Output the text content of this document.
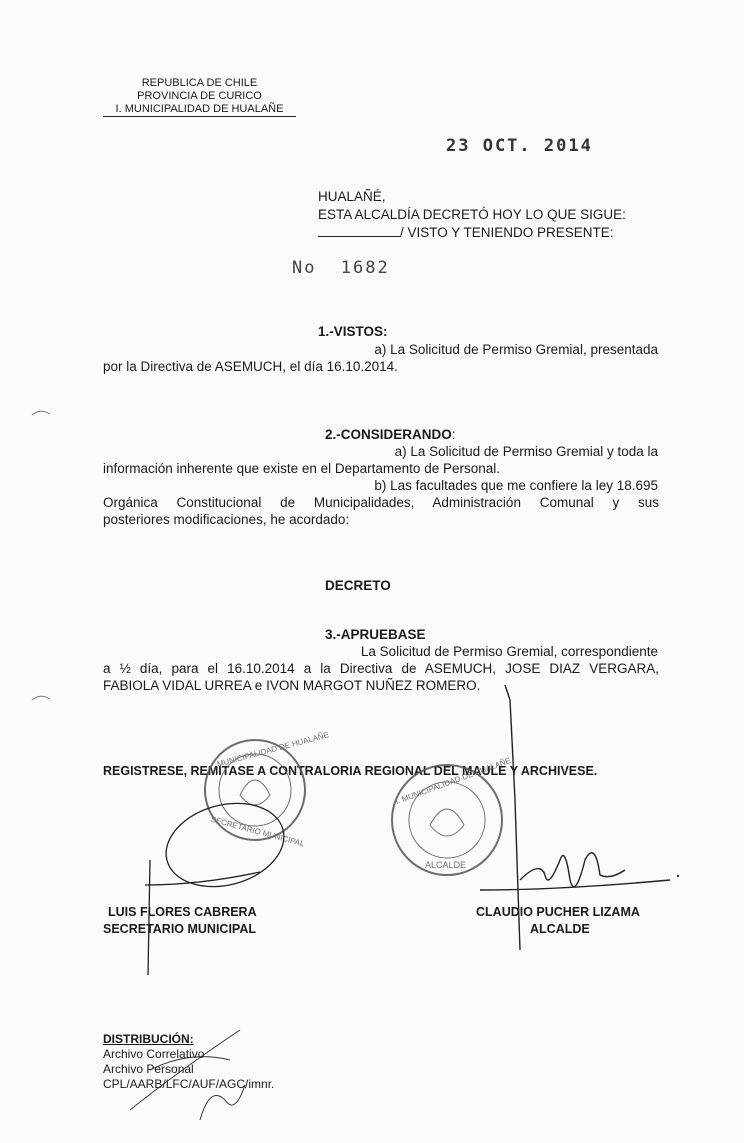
REPUBLICA DE CHILE
PROVINCIA DE CURICO
I. MUNICIPALIDAD DE HUALAÑE
23 OCT. 2014
HUALAÑÉ,
ESTA ALCALDÍA DECRETÓ HOY LO QUE SIGUE:
/ VISTO Y TENIENDO PRESENTE:
No 1682
1.-VISTOS:
a) La Solicitud de Permiso Gremial, presentada
por la Directiva de ASEMUCH, el día 16.10.2014.
2.-CONSIDERANDO:
a) La Solicitud de Permiso Gremial y toda la
información inherente que existe en el Departamento de Personal.
b) Las facultades que me confiere la ley 18.695
Orgánica Constitucional de Municipalidades, Administración Comunal y sus
posteriores modificaciones, he acordado:
DECRETO
3.-APRUEBASE
La Solicitud de Permiso Gremial, correspondiente
a ½ día, para el 16.10.2014 a la Directiva de ASEMUCH, JOSE DIAZ VERGARA,
FABIOLA VIDAL URREA e IVON MARGOT NUÑEZ ROMERO.
REGISTRESE, REMITASE A CONTRALORIA REGIONAL DEL MAULE Y ARCHIVESE.
LUIS FLORES CABRERA
SECRETARIO MUNICIPAL
CLAUDIO PUCHER LIZAMA
ALCALDE
DISTRIBUCIÓN:
Archivo Correlativo
Archivo Personal
CPL/AARB/LFC/AUF/AGC/imnr.
MUNICIPALIDAD DE HUALAÑE
SECRETARIO MUNICIPAL
I. MUNICIPALIDAD DE HUALAÑE
ALCALDE
